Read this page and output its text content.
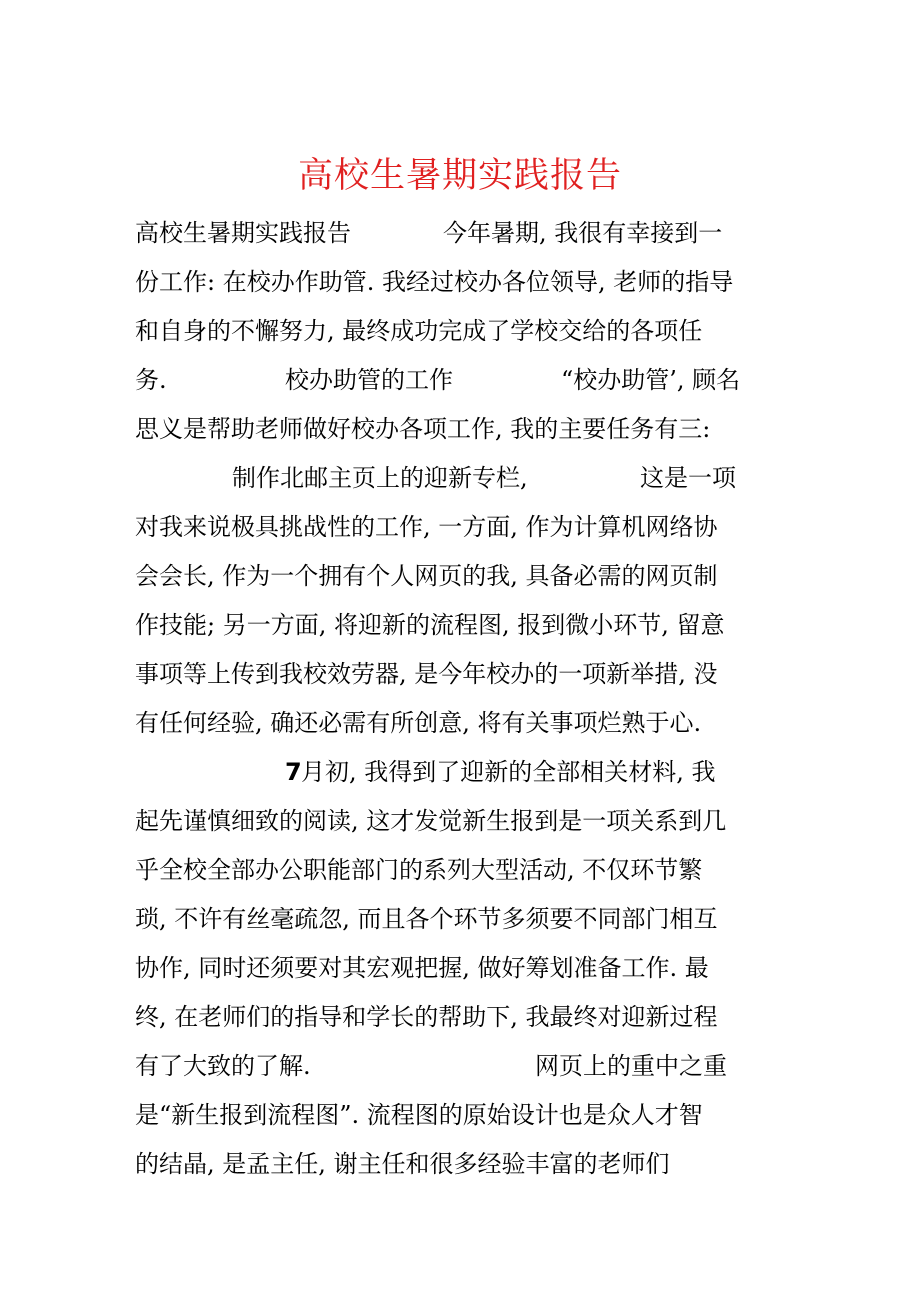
高校生暑期实践报告
高校生暑期实践报告	今年暑期, 我很有幸接到一
份工作: 在校办作助管. 我经过校办各位领导, 老师的指导
和自身的不懈努力, 最终成功完成了学校交给的各项任
务.	校办助管的工作	“校办助管’, 顾名
思义是帮助老师做好校办各项工作, 我的主要任务有三:
制作北邮主页上的迎新专栏,	这是一项
对我来说极具挑战性的工作, 一方面, 作为计算机网络协
会会长, 作为一个拥有个人网页的我, 具备必需的网页制
作技能; 另一方面, 将迎新的流程图, 报到微小环节, 留意
事项等上传到我校效劳器, 是今年校办的一项新举措, 没
有任何经验, 确还必需有所创意, 将有关事项烂熟于心.
7 月初, 我得到了迎新的全部相关材料, 我
起先谨慎细致的阅读, 这才发觉新生报到是一项关系到几
乎全校全部办公职能部门的系列大型活动, 不仅环节繁
琐, 不许有丝毫疏忽, 而且各个环节多须要不同部门相互
协作, 同时还须要对其宏观把握, 做好筹划准备工作. 最
终, 在老师们的指导和学长的帮助下, 我最终对迎新过程
有了大致的了解.	网页上的重中之重
是“新生报到流程图”. 流程图的原始设计也是众人才智
的结晶, 是孟主任, 谢主任和很多经验丰富的老师们
